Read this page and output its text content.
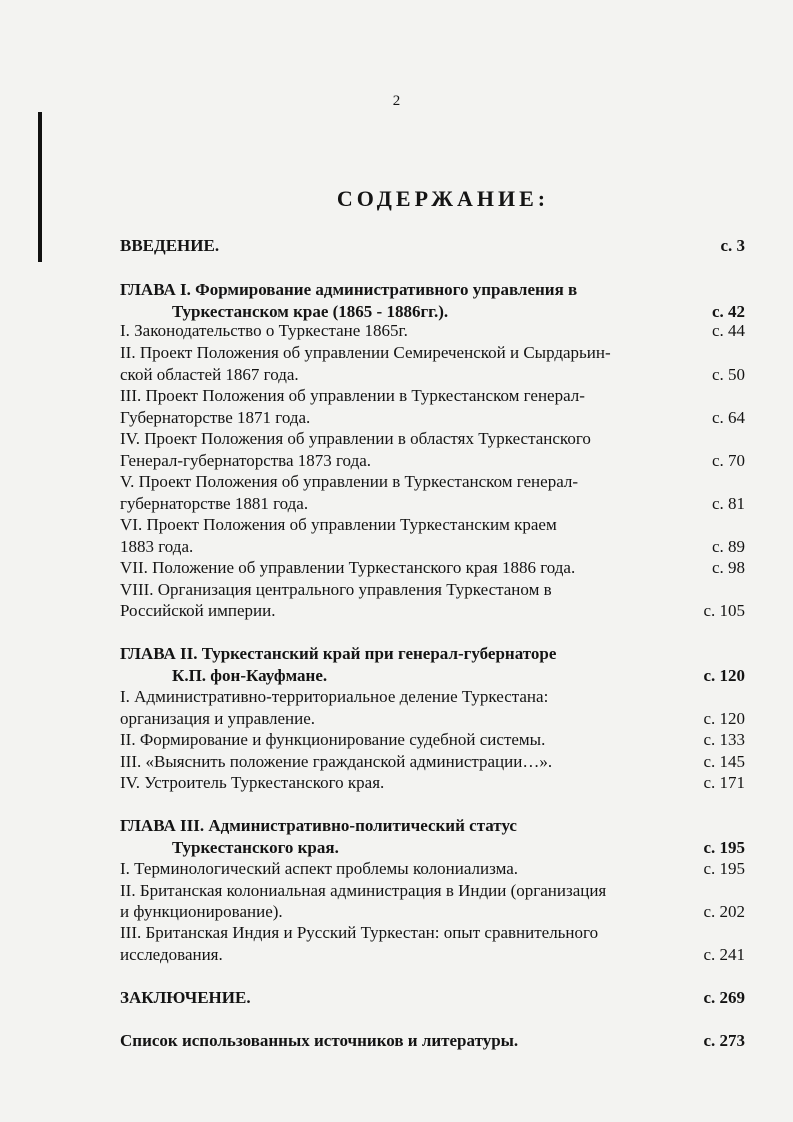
2
СОДЕРЖАНИЕ:
ВВЕДЕНИЕ.	с. 3
ГЛАВА I. Формирование административного управления в
Туркестанском крае (1865 - 1886гг.).	с. 42
I. Законодательство о Туркестане 1865г.	с. 44
II. Проект Положения об управлении Семиреченской и Сырдарьин-
ской областей 1867 года.	с. 50
III. Проект Положения об управлении в Туркестанском генерал-
Губернаторстве 1871 года.	с. 64
IV. Проект Положения об управлении в областях Туркестанского
Генерал-губернаторства 1873 года.	с. 70
V. Проект Положения об управлении в Туркестанском генерал-
губернаторстве 1881 года.	с. 81
VI. Проект Положения об управлении Туркестанским краем
1883 года.	с. 89
VII. Положение об управлении Туркестанского края 1886 года.	с. 98
VIII. Организация центрального управления Туркестаном в
Российской империи.	с. 105
ГЛАВА II. Туркестанский край при генерал-губернаторе
К.П. фон-Кауфмане.	с. 120
I. Административно-территориальное деление Туркестана:
организация и управление.	с. 120
II. Формирование и функционирование судебной системы.	с. 133
III. «Выяснить положение гражданской администрации…».	с. 145
IV. Устроитель Туркестанского края.	с. 171
ГЛАВА III. Административно-политический статус
Туркестанского края.	с. 195
I. Терминологический аспект проблемы колониализма.	с. 195
II. Британская колониальная администрация в Индии (организация
и функционирование).	с. 202
III. Британская Индия и Русский Туркестан: опыт сравнительного
исследования.	с. 241
ЗАКЛЮЧЕНИЕ.	с. 269
Список использованных источников и литературы.	с. 273
